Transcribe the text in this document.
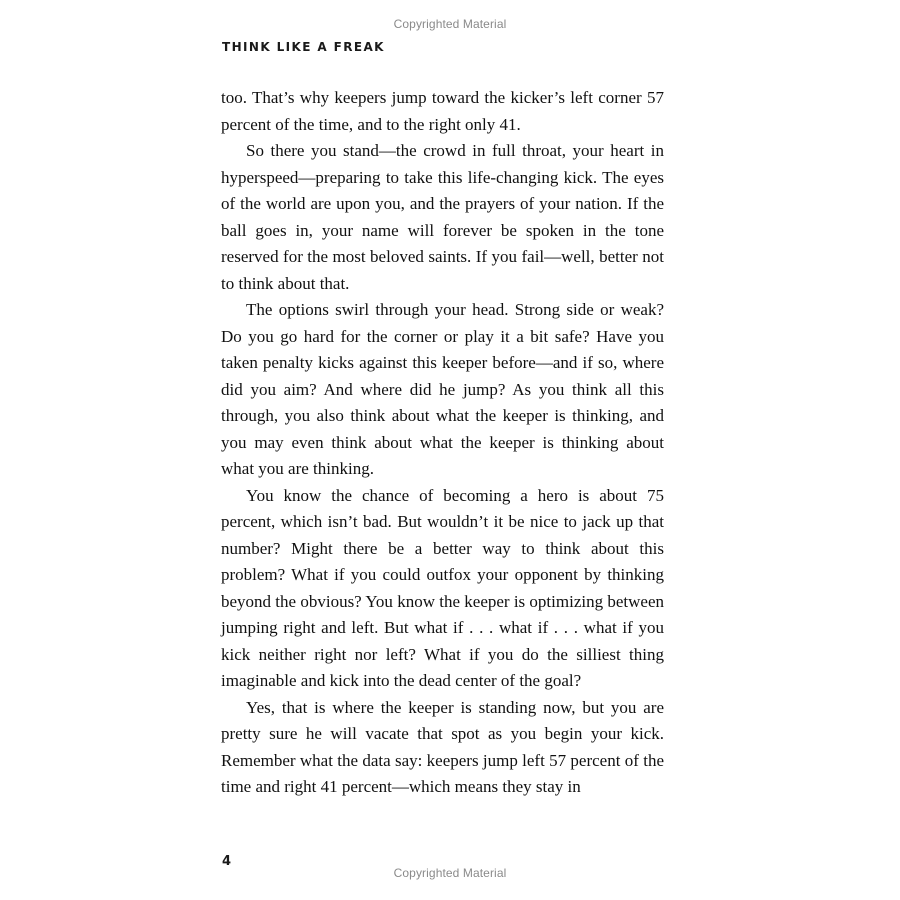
Copyrighted Material
THINK LIKE A FREAK

too. That’s why keepers jump toward the kicker’s left corner 57 percent of the time, and to the right only 41.

So there you stand—the crowd in full throat, your heart in hyperspeed—preparing to take this life-changing kick. The eyes of the world are upon you, and the prayers of your nation. If the ball goes in, your name will forever be spoken in the tone reserved for the most beloved saints. If you fail—well, better not to think about that.

The options swirl through your head. Strong side or weak? Do you go hard for the corner or play it a bit safe? Have you taken penalty kicks against this keeper before—and if so, where did you aim? And where did he jump? As you think all this through, you also think about what the keeper is thinking, and you may even think about what the keeper is thinking about what you are thinking.

You know the chance of becoming a hero is about 75 percent, which isn’t bad. But wouldn’t it be nice to jack up that number? Might there be a better way to think about this problem? What if you could outfox your opponent by thinking beyond the obvious? You know the keeper is optimizing between jumping right and left. But what if . . . what if . . . what if you kick neither right nor left? What if you do the silliest thing imaginable and kick into the dead center of the goal?

Yes, that is where the keeper is standing now, but you are pretty sure he will vacate that spot as you begin your kick. Remember what the data say: keepers jump left 57 percent of the time and right 41 percent—which means they stay in

4
Copyrighted Material
